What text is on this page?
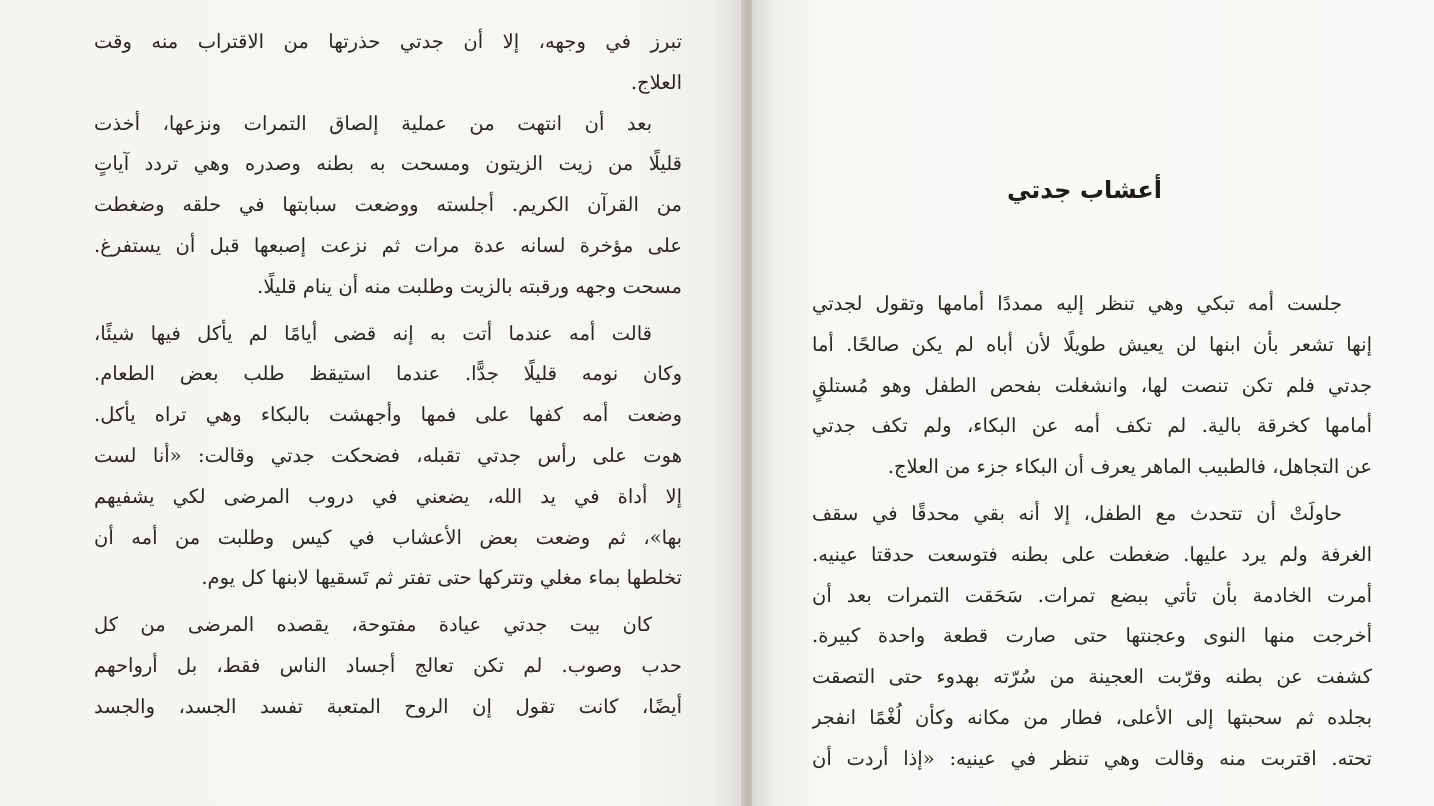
تبرز في وجهه، إلا أن جدتي حذرتها من الاقتراب منه وقت
العلاج.
بعد أن انتهت من عملية إلصاق التمرات ونزعها، أخذت
قليلًا من زيت الزيتون ومسحت به بطنه وصدره وهي تردد آياتٍ
من القرآن الكريم. أجلسته ووضعت سبابتها في حلقه وضغطت
على مؤخرة لسانه عدة مرات ثم نزعت إصبعها قبل أن يستفرغ.
مسحت وجهه ورقبته بالزيت وطلبت منه أن ينام قليلًا.
قالت أمه عندما أتت به إنه قضى أيامًا لم يأكل فيها شيئًا،
وكان نومه قليلًا جدًّا. عندما استيقظ طلب بعض الطعام.
وضعت أمه كفها على فمها وأجهشت بالبكاء وهي تراه يأكل.
هوت على رأس جدتي تقبله، فضحكت جدتي وقالت: «أنا لست
إلا أداة في يد الله، يضعني في دروب المرضى لكي يشفيهم
بها»، ثم وضعت بعض الأعشاب في كيس وطلبت من أمه أن
تخلطها بماء مغلي وتتركها حتى تفتر ثم تَسقيها لابنها كل يوم.
كان بيت جدتي عيادة مفتوحة، يقصده المرضى من كل
حدب وصوب. لم تكن تعالج أجساد الناس فقط، بل أرواحهم
أيضًا، كانت تقول إن الروح المتعبة تفسد الجسد، والجسد
أعشاب جدتي
جلست أمه تبكي وهي تنظر إليه ممددًا أمامها وتقول لجدتي
إنها تشعر بأن ابنها لن يعيش طويلًا لأن أباه لم يكن صالحًا. أما
جدتي فلم تكن تنصت لها، وانشغلت بفحص الطفل وهو مُستلقٍ
أمامها كخرقة بالية. لم تكف أمه عن البكاء، ولم تكف جدتي
عن التجاهل، فالطبيب الماهر يعرف أن البكاء جزء من العلاج.
حاولَتْ أن تتحدث مع الطفل، إلا أنه بقي محدقًا في سقف
الغرفة ولم يرد عليها. ضغطت على بطنه فتوسعت حدقتا عينيه.
أمرت الخادمة بأن تأتي ببضع تمرات. سَحَقت التمرات بعد أن
أخرجت منها النوى وعجنتها حتى صارت قطعة واحدة كبيرة.
كشفت عن بطنه وقرّبت العجينة من سُرّته بهدوء حتى التصقت
بجلده ثم سحبتها إلى الأعلى، فطار من مكانه وكأن لُغْمًا انفجر
تحته. اقتربت منه وقالت وهي تنظر في عينيه: «إذا أردت أن
